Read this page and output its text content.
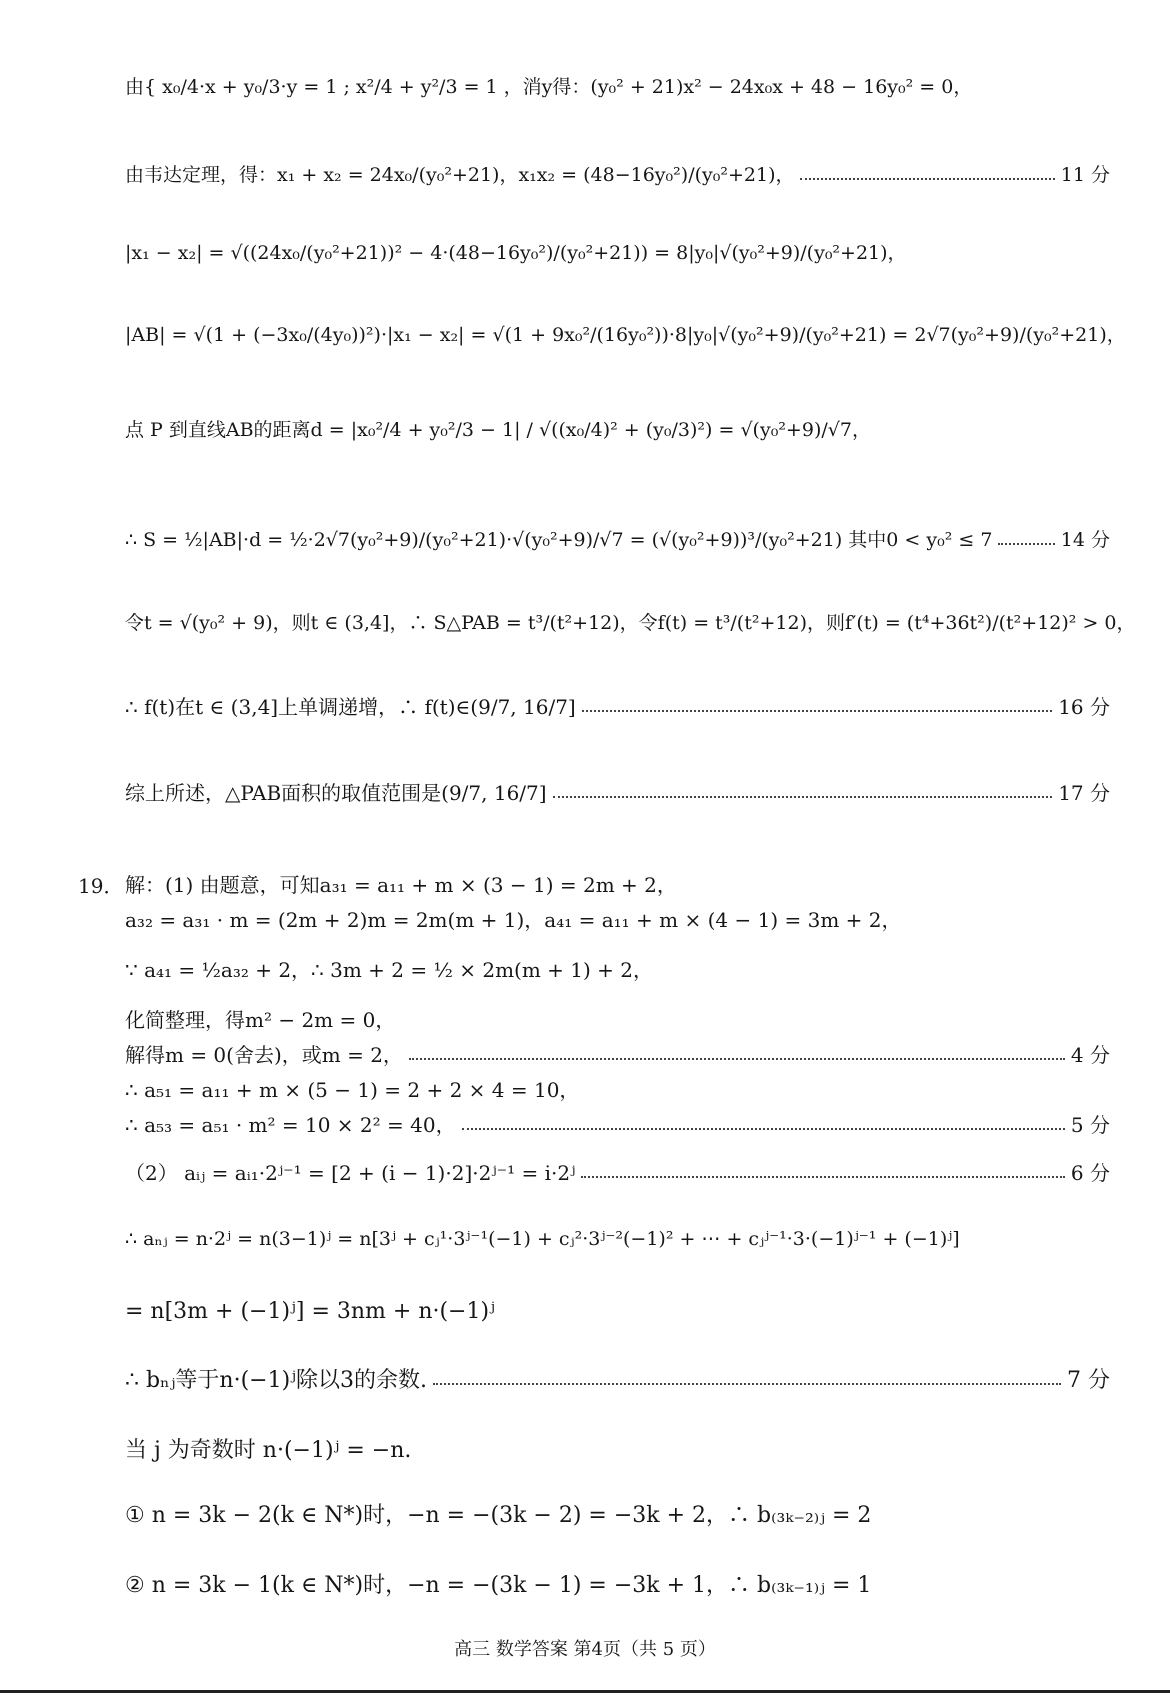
由{ x₀/4·x + y₀/3·y = 1 ; x²/4 + y²/3 = 1 ，消y得：(y₀² + 21)x² − 24x₀x + 48 − 16y₀² = 0，
由韦达定理，得：x₁ + x₂ = 24x₀/(y₀²+21)，x₁x₂ = (48−16y₀²)/(y₀²+21)，	11 分
|x₁ − x₂| = √((24x₀/(y₀²+21))² − 4·(48−16y₀²)/(y₀²+21)) = 8|y₀|√(y₀²+9)/(y₀²+21)，
|AB| = √(1 + (−3x₀/(4y₀))²)·|x₁ − x₂| = √(1 + 9x₀²/(16y₀²))·8|y₀|√(y₀²+9)/(y₀²+21) = 2√7(y₀²+9)/(y₀²+21)，
点 P 到直线AB的距离d = |x₀²/4 + y₀²/3 − 1| / √((x₀/4)² + (y₀/3)²) = √(y₀²+9)/√7，
∴ S = ½|AB|·d = ½·2√7(y₀²+9)/(y₀²+21)·√(y₀²+9)/√7 = (√(y₀²+9))³/(y₀²+21) 其中0 < y₀² ≤ 7	14 分
令t = √(y₀² + 9)，则t ∈ (3,4]，∴ S△PAB = t³/(t²+12)，令f(t) = t³/(t²+12)，则f′(t) = (t⁴+36t²)/(t²+12)² > 0，
∴ f(t)在t ∈ (3,4]上单调递增，∴ f(t)∈(9/7, 16/7]	16 分
综上所述，△PAB面积的取值范围是(9/7, 16/7]	17 分
19． 解：(1) 由题意，可知a₃₁ = a₁₁ + m × (3 − 1) = 2m + 2，
a₃₂ = a₃₁ · m = (2m + 2)m = 2m(m + 1)，a₄₁ = a₁₁ + m × (4 − 1) = 3m + 2，
∵ a₄₁ = ½a₃₂ + 2，∴ 3m + 2 = ½ × 2m(m + 1) + 2，
化简整理，得m² − 2m = 0，
解得m = 0(舍去)，或m = 2，	4 分
∴ a₅₁ = a₁₁ + m × (5 − 1) = 2 + 2 × 4 = 10，
∴ a₅₃ = a₅₁ · m² = 10 × 2² = 40，	5 分
（2） aᵢⱼ = aᵢ₁·2ʲ⁻¹ = [2 + (i − 1)·2]·2ʲ⁻¹ = i·2ʲ	6 分
∴ aₙⱼ = n·2ʲ = n(3−1)ʲ = n[3ʲ + cⱼ¹·3ʲ⁻¹(−1) + cⱼ²·3ʲ⁻²(−1)² + ⋯ + cⱼʲ⁻¹·3·(−1)ʲ⁻¹ + (−1)ʲ]
= n[3m + (−1)ʲ] = 3nm + n·(−1)ʲ
∴ bₙⱼ等于n·(−1)ʲ除以3的余数.	7 分
当 j 为奇数时 n·(−1)ʲ = −n.
① n = 3k − 2(k ∈ N*)时，−n = −(3k − 2) = −3k + 2，∴ b₍₃ₖ₋₂₎ⱼ = 2
② n = 3k − 1(k ∈ N*)时，−n = −(3k − 1) = −3k + 1，∴ b₍₃ₖ₋₁₎ⱼ = 1
高三 数学答案 第4页（共 5 页）
